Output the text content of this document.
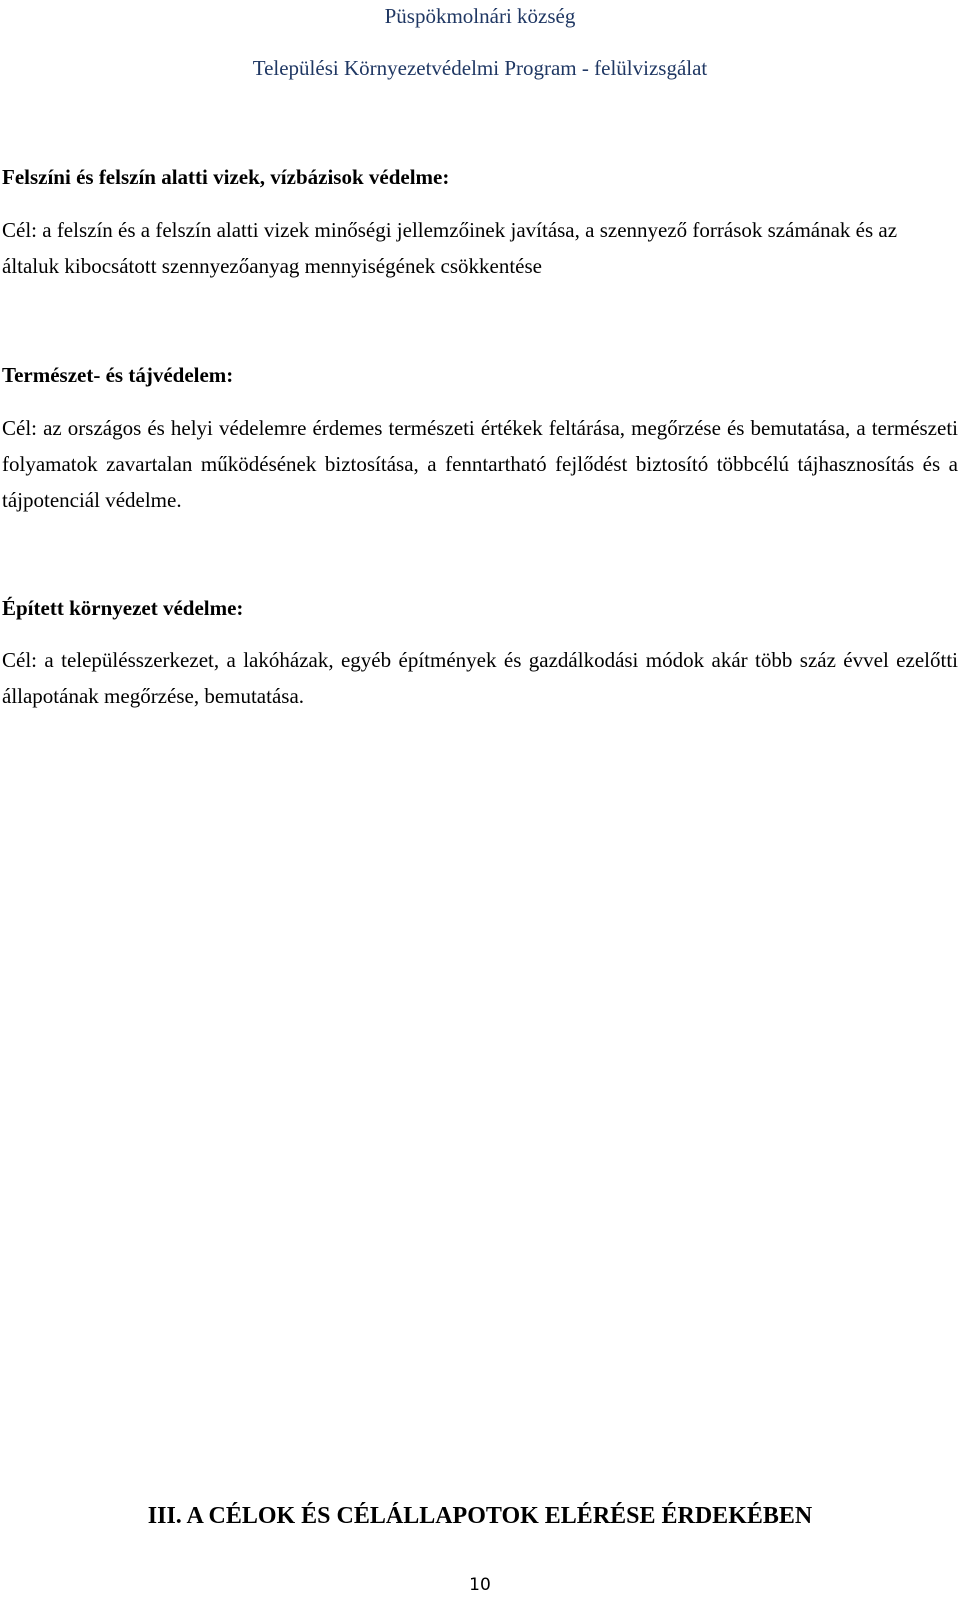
Püspökmolnári község
Települési Környezetvédelmi Program - felülvizsgálat
Felszíni és felszín alatti vizek, vízbázisok védelme:
Cél: a felszín és a felszín alatti vizek minőségi jellemzőinek javítása, a szennyező források számának és az általuk kibocsátott szennyezőanyag mennyiségének csökkentése
Természet- és tájvédelem:
Cél: az országos és helyi védelemre érdemes természeti értékek feltárása, megőrzése és bemutatása, a természeti folyamatok zavartalan működésének biztosítása, a fenntartható fejlődést biztosító többcélú tájhasznosítás és a tájpotenciál védelme.
Épített környezet védelme:
Cél: a településszerkezet, a lakóházak, egyéb építmények és gazdálkodási módok akár több száz évvel ezelőtti állapotának megőrzése, bemutatása.
III. A CÉLOK ÉS CÉLÁLLAPOTOK ELÉRÉSE ÉRDEKÉBEN
10
